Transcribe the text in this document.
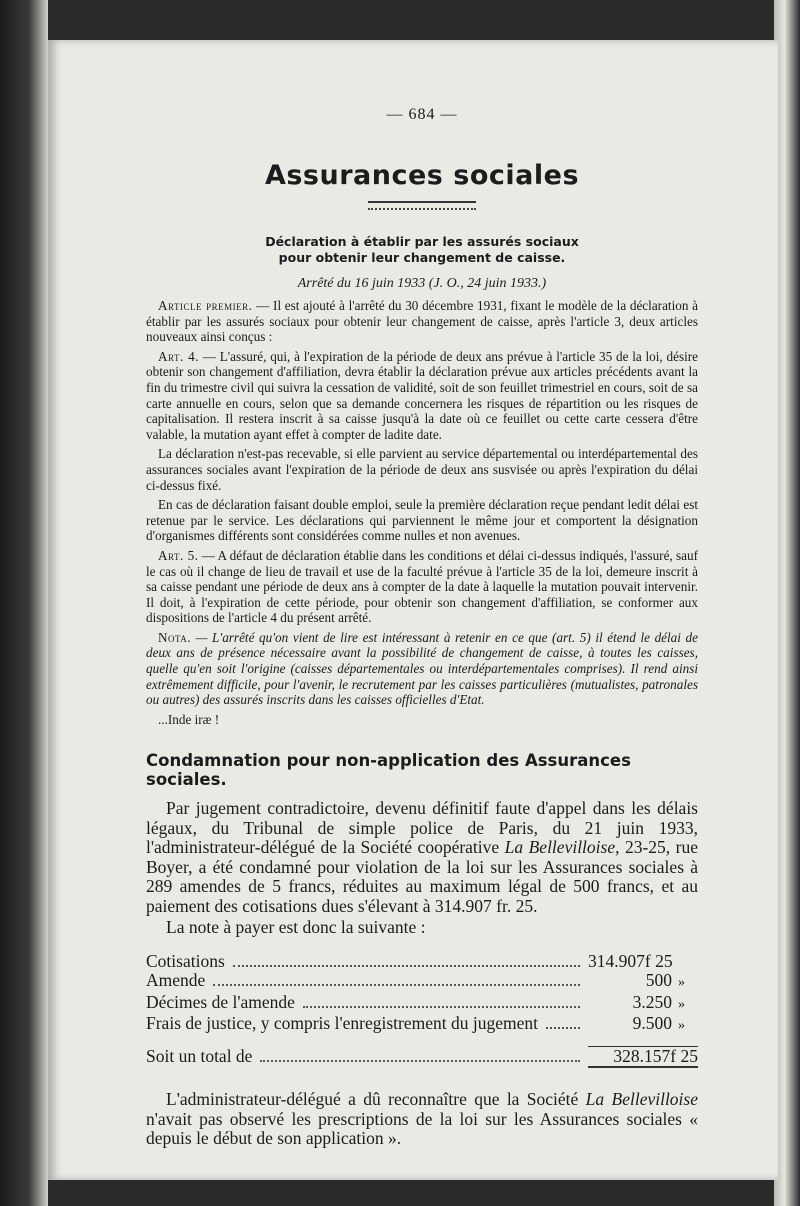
— 684 —

Assurances sociales

Déclaration à établir par les assurés sociaux
pour obtenir leur changement de caisse.

Arrêté du 16 juin 1933 (J. O., 24 juin 1933.)

Article premier. — Il est ajouté à l'arrêté du 30 décembre 1931, fixant le modèle de la déclaration à établir par les assurés sociaux pour obtenir leur changement de caisse, après l'article 3, deux articles nouveaux ainsi conçus :

Art. 4. — L'assuré, qui, à l'expiration de la période de deux ans prévue à l'article 35 de la loi, désire obtenir son changement d'affiliation, devra établir la déclaration prévue aux articles précédents avant la fin du trimestre civil qui suivra la cessation de validité, soit de son feuillet trimestriel en cours, soit de sa carte annuelle en cours, selon que sa demande concernera les risques de répartition ou les risques de capitalisation. Il restera inscrit à sa caisse jusqu'à la date où ce feuillet ou cette carte cessera d'être valable, la mutation ayant effet à compter de ladite date.

La déclaration n'est‑pas recevable, si elle parvient au service départemental ou interdépartemental des assurances sociales avant l'expiration de la période de deux ans susvisée ou après l'expiration du délai ci-dessus fixé.

En cas de déclaration faisant double emploi, seule la première déclaration reçue pendant ledit délai est retenue par le service. Les déclarations qui parviennent le même jour et comportent la désignation d'organismes différents sont considérées comme nulles et non avenues.

Art. 5. — A défaut de déclaration établie dans les conditions et délai ci-dessus indiqués, l'assuré, sauf le cas où il change de lieu de travail et use de la faculté prévue à l'article 35 de la loi, demeure inscrit à sa caisse pendant une période de deux ans à compter de la date à laquelle la mutation pouvait intervenir. Il doit, à l'expiration de cette période, pour obtenir son changement d'affiliation, se conformer aux dispositions de l'article 4 du présent arrêté.

Nota. — L'arrêté qu'on vient de lire est intéressant à retenir en ce que (art. 5) il étend le délai de deux ans de présence nécessaire avant la possibilité de changement de caisse, à toutes les caisses, quelle qu'en soit l'origine (caisses départementales ou interdépartementales comprises). Il rend ainsi extrêmement difficile, pour l'avenir, le recrutement par les caisses particulières (mutualistes, patronales ou autres) des assurés inscrits dans les caisses officielles d'Etat.

...Inde iræ !

Condamnation pour non-application des Assurances sociales.

Par jugement contradictoire, devenu définitif faute d'appel dans les délais légaux, du Tribunal de simple police de Paris, du 21 juin 1933, l'administrateur-délégué de la Société coopérative La Bellevilloise, 23-25, rue Boyer, a été condamné pour violation de la loi sur les Assurances sociales à 289 amendes de 5 francs, réduites au maximum légal de 500 francs, et au paiement des cotisations dues s'élevant à 314.907 fr. 25.

La note à payer est donc la suivante :

Cotisations	314.907f 25
Amende	500 »
Décimes de l'amende	3.250 »
Frais de justice, y compris l'enregistrement du jugement	9.500 »
Soit un total de	328.157f 25

L'administrateur-délégué a dû reconnaître que la Société La Bellevilloise n'avait pas observé les prescriptions de la loi sur les Assurances sociales « depuis le début de son application ».
